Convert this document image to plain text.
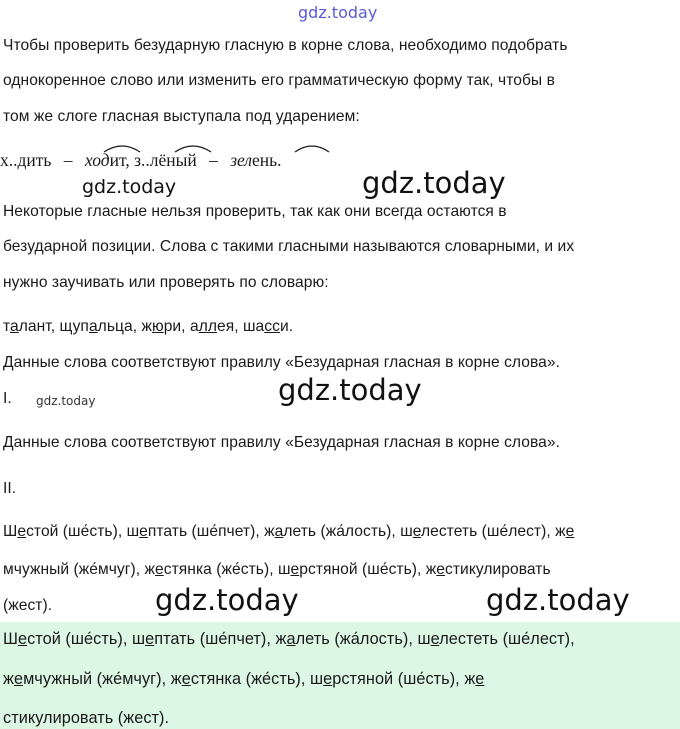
gdz.today
gdz.today	gdz.today
gdz.today
gdz.today
gdz.today	gdz.today
Чтобы проверить безударную гласную в корне слова, необходимо подобрать
однокоренное слово или изменить его грамматическую форму так, чтобы в
том же слоге гласная выступала под ударением:
х..дить – ходит, з..лёный – зелень.
Некоторые гласные нельзя проверить, так как они всегда остаются в
безударной позиции. Слова с такими гласными называются словарными, и их
нужно заучивать или проверять по словарю:
талант, щупальца, жюри, аллея, шасси.
Данные слова соответствуют правилу «Безударная гласная в корне слова».
I.
Данные слова соответствуют правилу «Безударная гласная в корне слова».
II.
Шестой (ше́сть), шептать (ше́пчет), жалеть (жа́лость), шелестеть (ше́лест), же
мчужный (же́мчуг), жестянка (же́сть), шерстяной (ше́сть), жестикулировать
(жест).
Шестой (ше́сть), шептать (ше́пчет), жалеть (жа́лость), шелестеть (ше́лест),
жемчужный (же́мчуг), жестянка (же́сть), шерстяной (ше́сть), же
стикулировать (жест).
